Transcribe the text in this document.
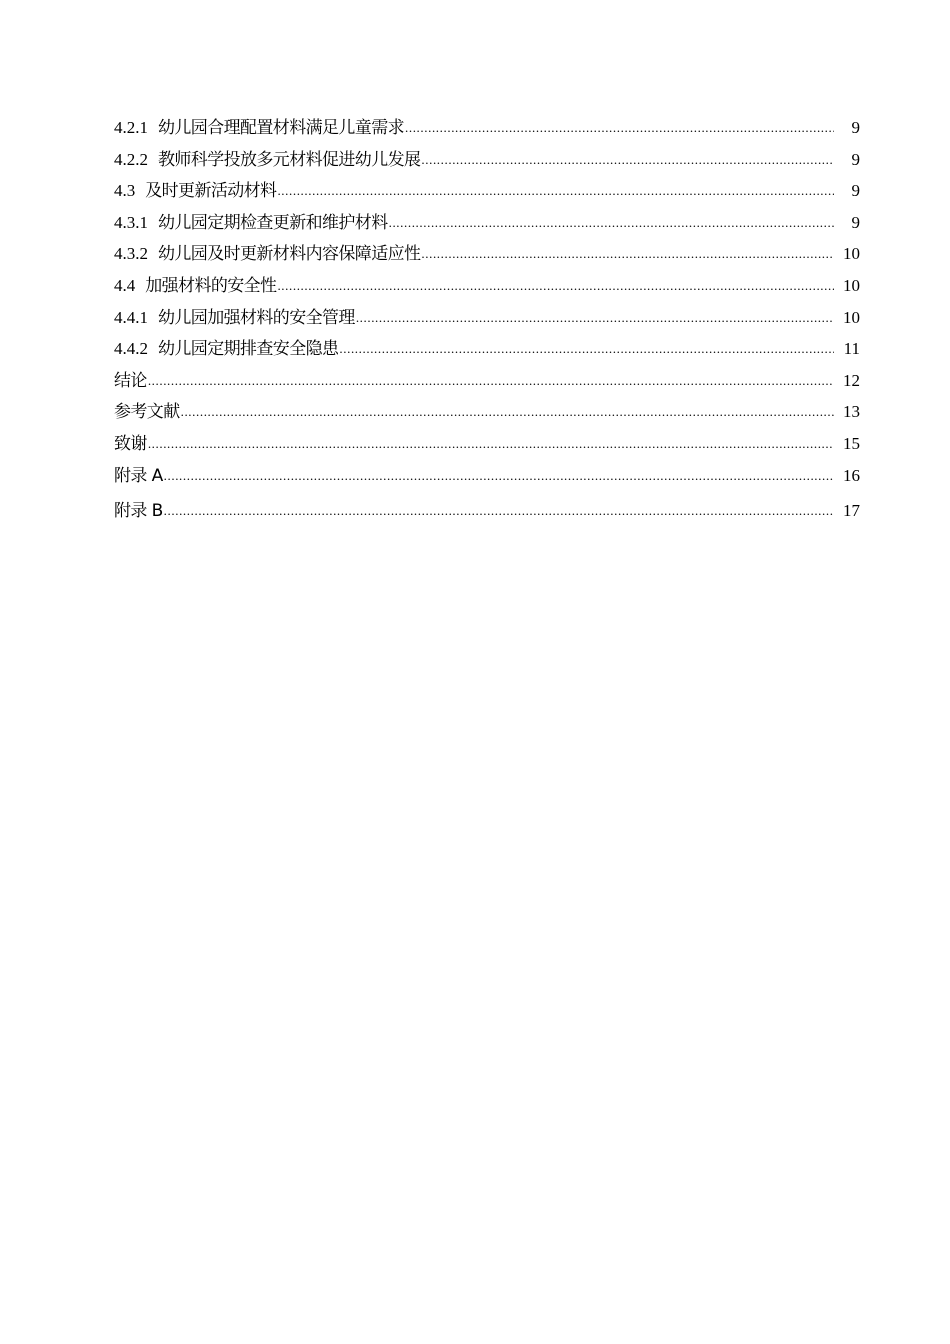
4.2.1 幼儿园合理配置材料满足儿童需求 .....	9
4.2.2 教师科学投放多元材料促进幼儿发展 .....	9
4.3 及时更新活动材料 .....	9
4.3.1 幼儿园定期检查更新和维护材料 .....	9
4.3.2 幼儿园及时更新材料内容保障适应性 .....	10
4.4 加强材料的安全性 .....	10
4.4.1 幼儿园加强材料的安全管理 .....	10
4.4.2 幼儿园定期排查安全隐患 .....	11
结论 .....	12
参考文献 .....	13
致谢 .....	15
附录 A .....	16
附录 B .....	17
